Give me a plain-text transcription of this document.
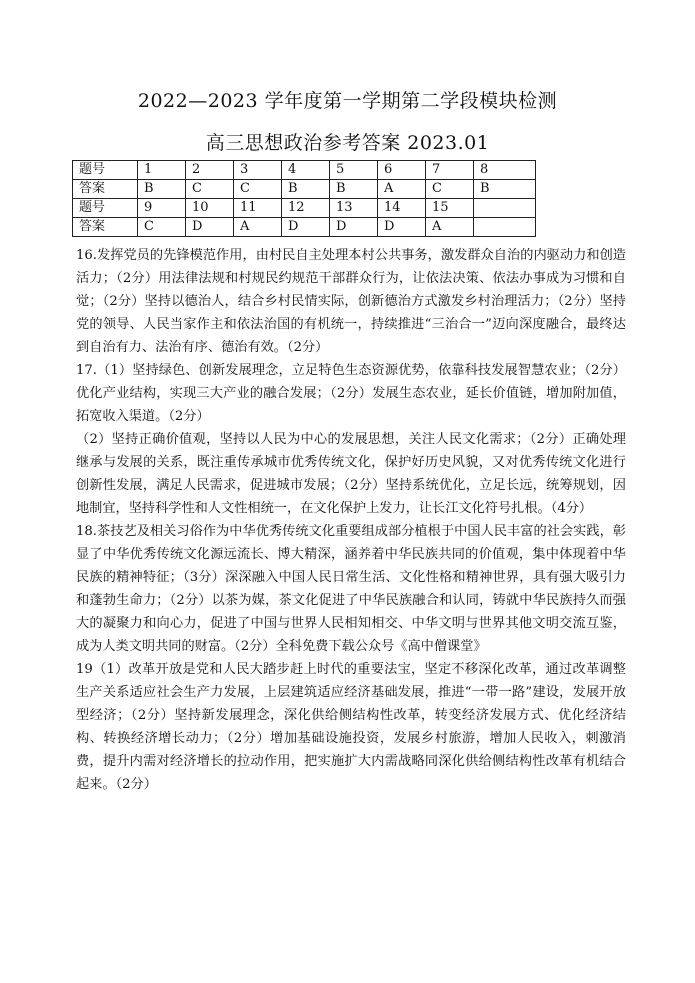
2022—2023 学年度第一学期第二学段模块检测
高三思想政治参考答案 2023.01
题号	1	2	3	4	5	6	7	8
答案	B	C	C	B	B	A	C	B
题号	9	10	11	12	13	14	15	
答案	C	D	A	D	D	D	A	

16.发挥党员的先锋模范作用，由村民自主处理本村公共事务，激发群众自治的内驱动力和创造活力；（2分）用法律法规和村规民约规范干部群众行为，让依法决策、依法办事成为习惯和自觉；（2分）坚持以德治人，结合乡村民情实际，创新德治方式激发乡村治理活力；（2分）坚持党的领导、人民当家作主和依法治国的有机统一，持续推进“三治合一”迈向深度融合，最终达到自治有力、法治有序、德治有效。（2分）

17.（1）坚持绿色、创新发展理念，立足特色生态资源优势，依靠科技发展智慧农业；（2分）优化产业结构，实现三大产业的融合发展；（2分）发展生态农业，延长价值链，增加附加值，拓宽收入渠道。（2分）

（2）坚持正确价值观，坚持以人民为中心的发展思想，关注人民文化需求；（2分）正确处理继承与发展的关系，既注重传承城市优秀传统文化，保护好历史风貌，又对优秀传统文化进行创新性发展，满足人民需求，促进城市发展；（2分）坚持系统优化，立足长远，统筹规划，因地制宜，坚持科学性和人文性相统一，在文化保护上发力，让长江文化符号扎根。（4分）

18.茶技艺及相关习俗作为中华优秀传统文化重要组成部分植根于中国人民丰富的社会实践，彰显了中华优秀传统文化源远流长、博大精深，涵养着中华民族共同的价值观，集中体现着中华民族的精神特征；（3分）深深融入中国人民日常生活、文化性格和精神世界，具有强大吸引力和蓬勃生命力；（2分）以茶为媒，茶文化促进了中华民族融合和认同，铸就中华民族持久而强大的凝聚力和向心力，促进了中国与世界人民相知相交、中华文明与世界其他文明交流互鉴，成为人类文明共同的财富。（2分）全科免费下载公众号《高中僧课堂》

19（1）改革开放是党和人民大踏步赶上时代的重要法宝，坚定不移深化改革，通过改革调整生产关系适应社会生产力发展，上层建筑适应经济基础发展，推进“一带一路”建设，发展开放型经济；（2分）坚持新发展理念，深化供给侧结构性改革，转变经济发展方式、优化经济结构、转换经济增长动力；（2分）增加基础设施投资，发展乡村旅游，增加人民收入，刺激消费，提升内需对经济增长的拉动作用，把实施扩大内需战略同深化供给侧结构性改革有机结合起来。（2分）
